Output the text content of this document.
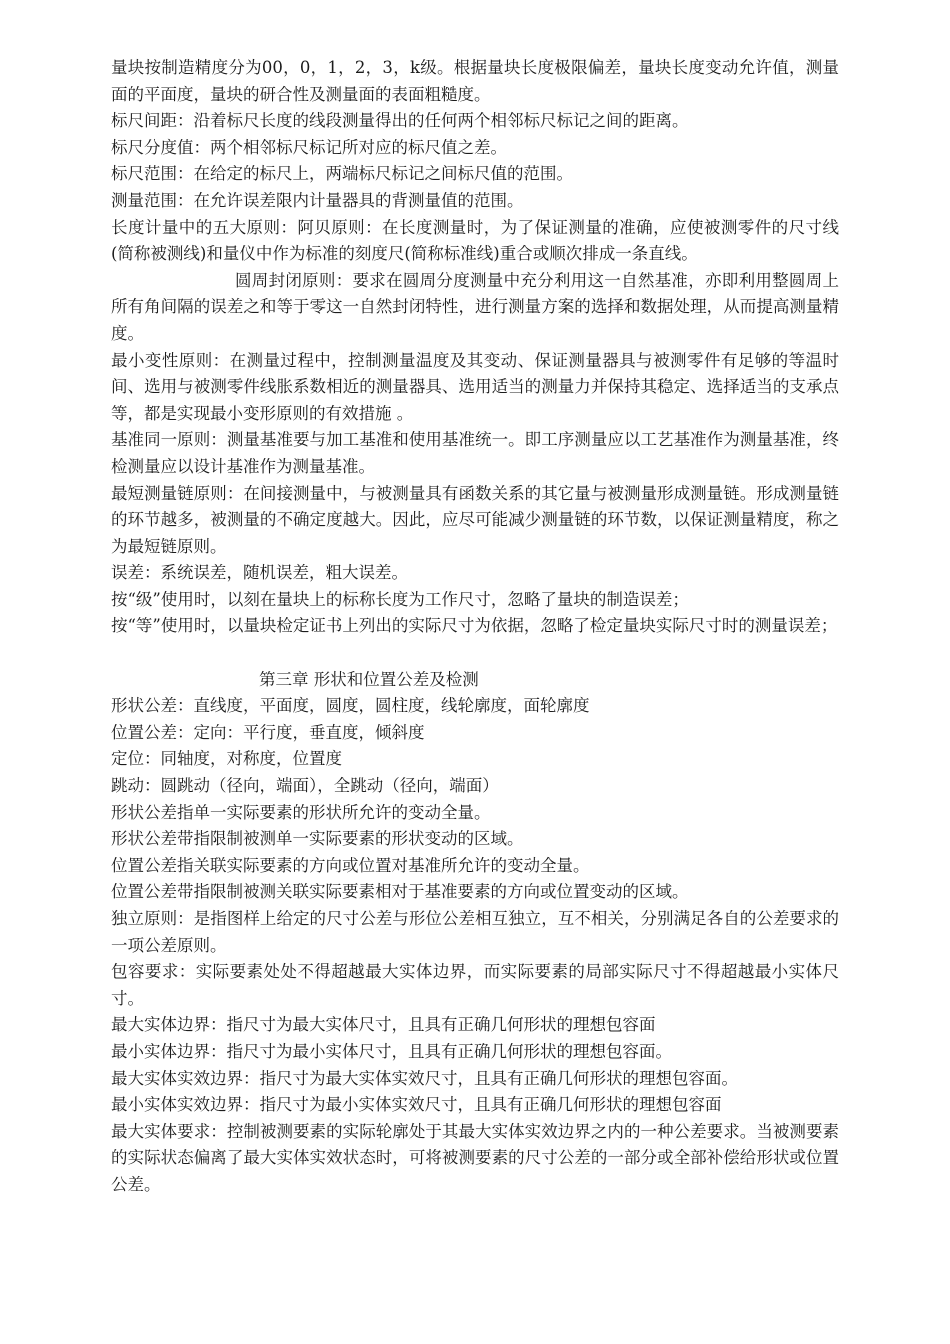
量块按制造精度分为00，0，1，2，3，k级。根据量块长度极限偏差，量块长度变动允许值，测量面的平面度，量块的研合性及测量面的表面粗糙度。

标尺间距：沿着标尺长度的线段测量得出的任何两个相邻标尺标记之间的距离。

标尺分度值：两个相邻标尺标记所对应的标尺值之差。

标尺范围：在给定的标尺上，两端标尺标记之间标尺值的范围。

测量范围：在允许误差限内计量器具的背测量值的范围。

长度计量中的五大原则：阿贝原则：在长度测量时，为了保证测量的准确，应使被测零件的尺寸线(简称被测线)和量仪中作为标准的刻度尺(简称标准线)重合或顺次排成一条直线。

圆周封闭原则：要求在圆周分度测量中充分利用这一自然基准，亦即利用整圆周上所有角间隔的误差之和等于零这一自然封闭特性，进行测量方案的选择和数据处理，从而提高测量精度。

最小变性原则：在测量过程中，控制测量温度及其变动、保证测量器具与被测零件有足够的等温时间、选用与被测零件线胀系数相近的测量器具、选用适当的测量力并保持其稳定、选择适当的支承点等，都是实现最小变形原则的有效措施 。

基准同一原则：测量基准要与加工基准和使用基准统一。即工序测量应以工艺基准作为测量基准，终检测量应以设计基准作为测量基准。

最短测量链原则：在间接测量中，与被测量具有函数关系的其它量与被测量形成测量链。形成测量链的环节越多，被测量的不确定度越大。因此，应尽可能减少测量链的环节数，以保证测量精度，称之为最短链原则。

误差：系统误差，随机误差，粗大误差。

按“级”使用时，以刻在量块上的标称长度为工作尺寸，忽略了量块的制造误差；

按“等”使用时，以量块检定证书上列出的实际尺寸为依据，忽略了检定量块实际尺寸时的测量误差；

第三章 形状和位置公差及检测

形状公差：直线度，平面度，圆度，圆柱度，线轮廓度，面轮廓度

位置公差：定向：平行度，垂直度，倾斜度

定位：同轴度，对称度，位置度

跳动：圆跳动（径向，端面），全跳动（径向，端面）

形状公差指单一实际要素的形状所允许的变动全量。

形状公差带指限制被测单一实际要素的形状变动的区域。

位置公差指关联实际要素的方向或位置对基准所允许的变动全量。

位置公差带指限制被测关联实际要素相对于基准要素的方向或位置变动的区域。

独立原则：是指图样上给定的尺寸公差与形位公差相互独立，互不相关，分别满足各自的公差要求的一项公差原则。

包容要求：实际要素处处不得超越最大实体边界，而实际要素的局部实际尺寸不得超越最小实体尺寸。

最大实体边界：指尺寸为最大实体尺寸，且具有正确几何形状的理想包容面

最小实体边界：指尺寸为最小实体尺寸，且具有正确几何形状的理想包容面。

最大实体实效边界：指尺寸为最大实体实效尺寸，且具有正确几何形状的理想包容面。

最小实体实效边界：指尺寸为最小实体实效尺寸，且具有正确几何形状的理想包容面

最大实体要求：控制被测要素的实际轮廓处于其最大实体实效边界之内的一种公差要求。当被测要素的实际状态偏离了最大实体实效状态时，可将被测要素的尺寸公差的一部分或全部补偿给形状或位置公差。
